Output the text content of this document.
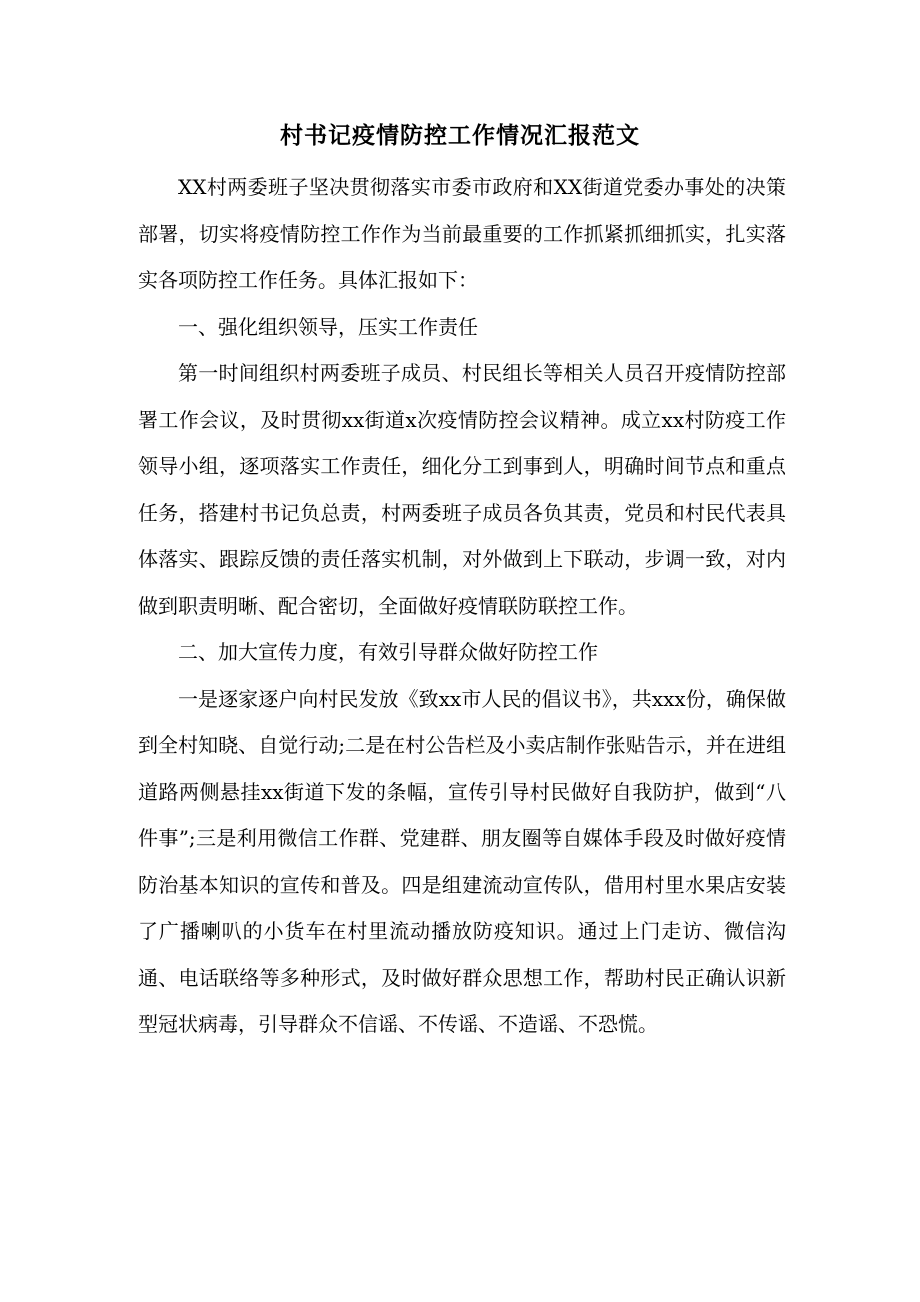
村书记疫情防控工作情况汇报范文

XX村两委班子坚决贯彻落实市委市政府和XX街道党委办事处的决策部署，切实将疫情防控工作作为当前最重要的工作抓紧抓细抓实，扎实落实各项防控工作任务。具体汇报如下：

一、强化组织领导，压实工作责任

第一时间组织村两委班子成员、村民组长等相关人员召开疫情防控部署工作会议，及时贯彻xx街道x次疫情防控会议精神。成立xx村防疫工作领导小组，逐项落实工作责任，细化分工到事到人，明确时间节点和重点任务，搭建村书记负总责，村两委班子成员各负其责，党员和村民代表具体落实、跟踪反馈的责任落实机制，对外做到上下联动，步调一致，对内做到职责明晰、配合密切，全面做好疫情联防联控工作。

二、加大宣传力度，有效引导群众做好防控工作

一是逐家逐户向村民发放《致xx市人民的倡议书》，共xxx份，确保做到全村知晓、自觉行动;二是在村公告栏及小卖店制作张贴告示，并在进组道路两侧悬挂xx街道下发的条幅，宣传引导村民做好自我防护，做到“八件事”;三是利用微信工作群、党建群、朋友圈等自媒体手段及时做好疫情防治基本知识的宣传和普及。四是组建流动宣传队，借用村里水果店安装了广播喇叭的小货车在村里流动播放防疫知识。通过上门走访、微信沟通、电话联络等多种形式，及时做好群众思想工作，帮助村民正确认识新型冠状病毒，引导群众不信谣、不传谣、不造谣、不恐慌。
